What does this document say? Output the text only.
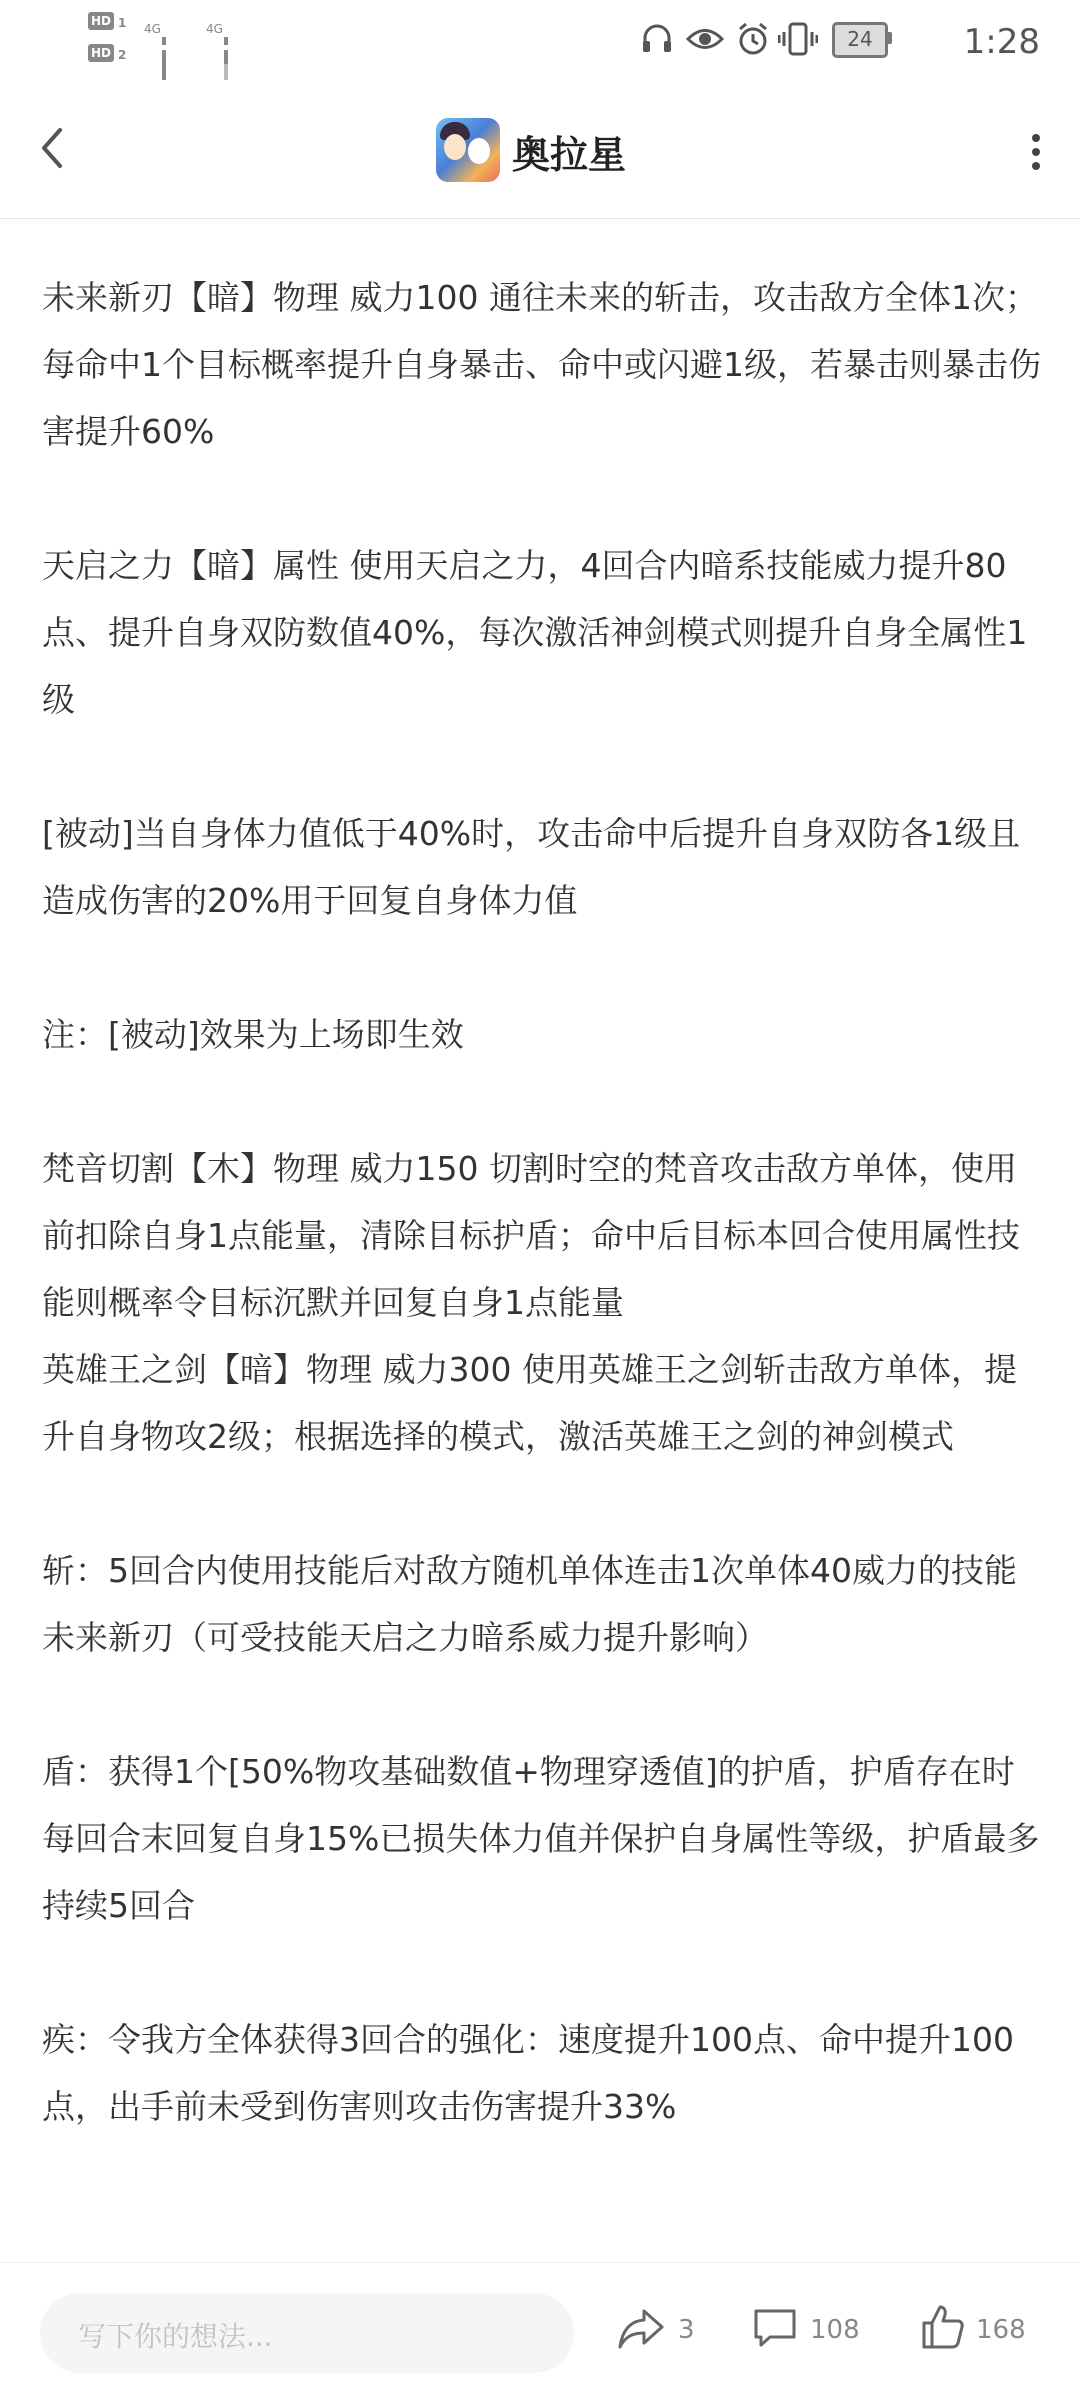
HD 1
HD 2
4G	4G	24	1:28
奥拉星

未来新刃【暗】物理 威力100 通往未来的斩击，攻击敌方全体1次；每命中1个目标概率提升自身暴击、命中或闪避1级，若暴击则暴击伤害提升60%

天启之力【暗】属性 使用天启之力，4回合内暗系技能威力提升80点、提升自身双防数值40%，每次激活神剑模式则提升自身全属性1级

[被动]当自身体力值低于40%时，攻击命中后提升自身双防各1级且造成伤害的20%用于回复自身体力值

注：[被动]效果为上场即生效

梵音切割【木】物理 威力150 切割时空的梵音攻击敌方单体，使用前扣除自身1点能量，清除目标护盾；命中后目标本回合使用属性技能则概率令目标沉默并回复自身1点能量

英雄王之剑【暗】物理 威力300 使用英雄王之剑斩击敌方单体，提升自身物攻2级；根据选择的模式，激活英雄王之剑的神剑模式

斩：5回合内使用技能后对敌方随机单体连击1次单体40威力的技能未来新刃（可受技能天启之力暗系威力提升影响）

盾：获得1个[50%物攻基础数值+物理穿透值]的护盾，护盾存在时每回合末回复自身15%已损失体力值并保护自身属性等级，护盾最多持续5回合

疾：令我方全体获得3回合的强化：速度提升100点、命中提升100点，出手前未受到伤害则攻击伤害提升33%

写下你的想法...	3	108	168
